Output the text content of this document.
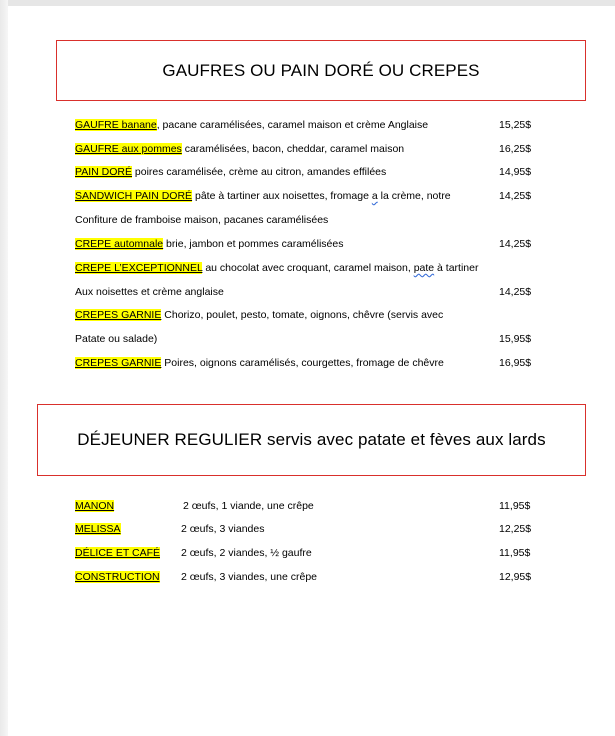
GAUFRES OU PAIN DORÉ OU CREPES
GAUFRE banane, pacane caramélisées, caramel maison et crème Anglaise	15,25$
GAUFRE aux pommes caramélisées, bacon, cheddar, caramel maison	16,25$
PAIN DORÉ poires caramélisée, crème au citron, amandes effilées	14,95$
SANDWICH PAIN DORÉ pâte à tartiner aux noisettes, fromage a la crème, notre	14,25$
Confiture de framboise maison, pacanes caramélisées
CREPE automnale brie, jambon et pommes caramélisées	14,25$
CREPE L’EXCEPTIONNEL au chocolat avec croquant, caramel maison, pate à tartiner
Aux noisettes et crème anglaise	14,25$
CREPES GARNIE Chorizo, poulet, pesto, tomate, oignons, chêvre (servis avec
Patate ou salade)	15,95$
CREPES GARNIE Poires, oignons caramélisés, courgettes, fromage de chêvre	16,95$
DÉJEUNER REGULIER servis avec patate et fèves aux lards
MANON	2 œufs, 1 viande, une crêpe	11,95$
MELISSA	2 œufs, 3 viandes	12,25$
DÉLICE ET CAFÉ 2 œufs, 2 viandes, ½ gaufre	11,95$
CONSTRUCTION 2 œufs, 3 viandes, une crêpe	12,95$
